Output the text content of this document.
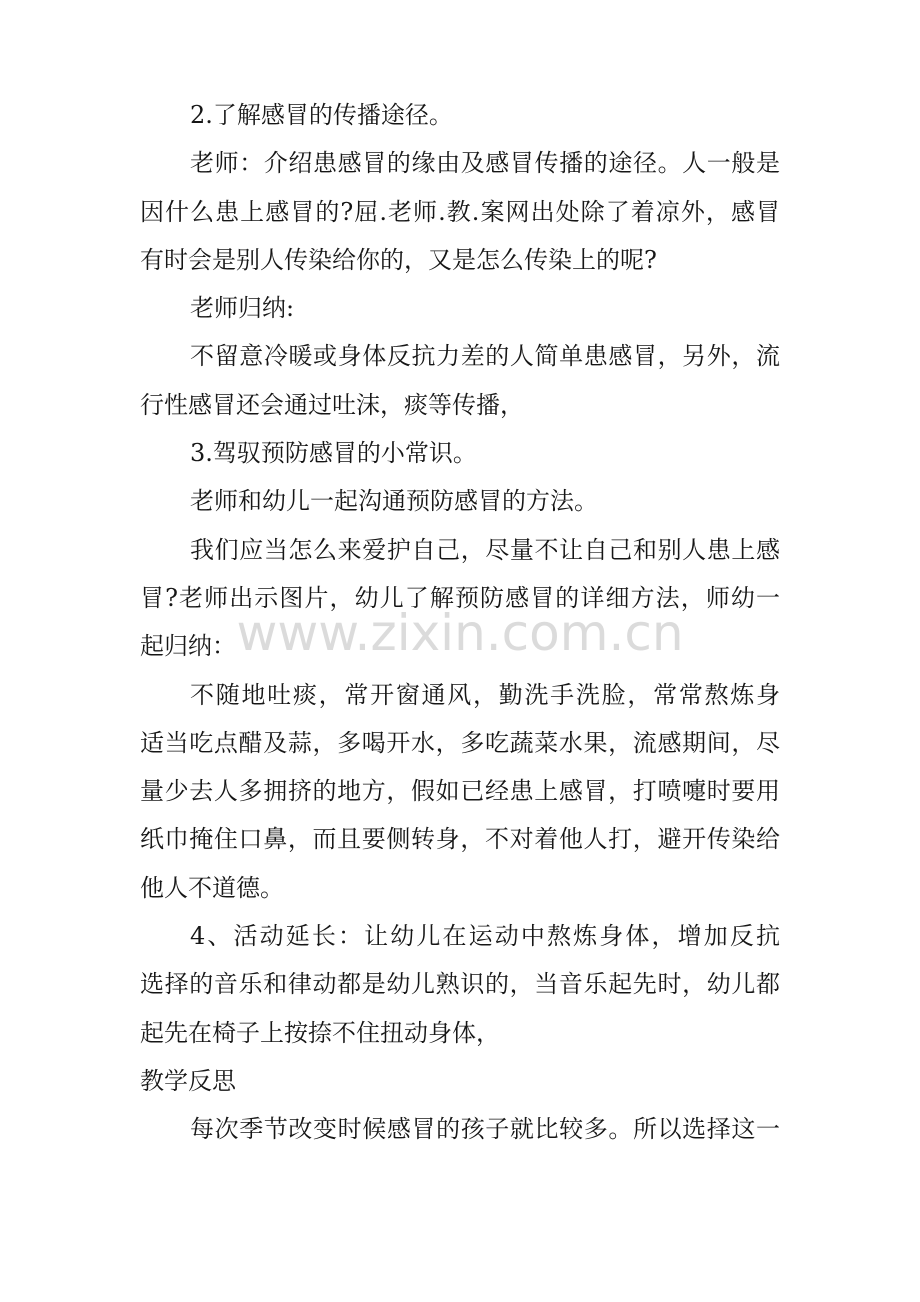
2.了解感冒的传播途径。
老师：介绍患感冒的缘由及感冒传播的途径。人一般是
因什么患上感冒的?屈.老师.教.案网出处除了着凉外，感冒
有时会是别人传染给你的，又是怎么传染上的呢?
老师归纳:
不留意冷暖或身体反抗力差的人简单患感冒，另外，流
行性感冒还会通过吐沫，痰等传播，
3.驾驭预防感冒的小常识。
老师和幼儿一起沟通预防感冒的方法。
我们应当怎么来爱护自己，尽量不让自己和别人患上感
冒?老师出示图片，幼儿了解预防感冒的详细方法，师幼一
起归纳：
不随地吐痰，常开窗通风，勤洗手洗脸，常常熬炼身
适当吃点醋及蒜，多喝开水，多吃蔬菜水果，流感期间，尽
量少去人多拥挤的地方，假如已经患上感冒，打喷嚏时要用
纸巾掩住口鼻，而且要侧转身，不对着他人打，避开传染给
他人不道德。
4、活动延长：让幼儿在运动中熬炼身体，增加反抗
选择的音乐和律动都是幼儿熟识的，当音乐起先时，幼儿都
起先在椅子上按捺不住扭动身体，
教学反思
每次季节改变时候感冒的孩子就比较多。所以选择这一
www.zixin.com.cn
